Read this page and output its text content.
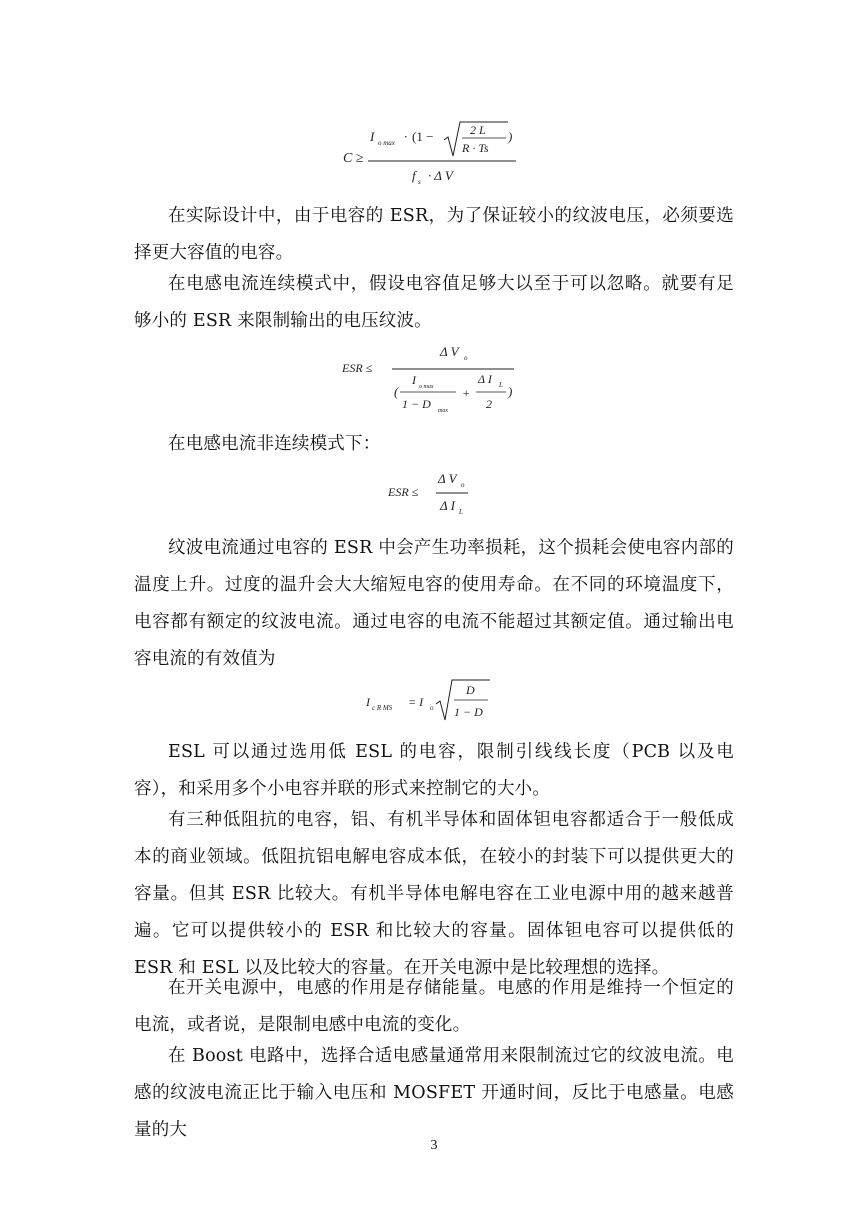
C ≥
I o max · (1 −	2 L
R · Ts
)
f s · Δ V

在实际设计中，由于电容的 ESR，为了保证较小的纹波电压，必须要选择更大容值的电容。

在电感电流连续模式中，假设电容值足够大以至于可以忽略。就要有足够小的 ESR 来限制输出的电压纹波。

ESR ≤
Δ V o
(
I o max
1 − D max
+
Δ I L
2
)

在电感电流非连续模式下：

ESR ≤
Δ V o
Δ I L

纹波电流通过电容的 ESR 中会产生功率损耗，这个损耗会使电容内部的温度上升。过度的温升会大大缩短电容的使用寿命。在不同的环境温度下，电容都有额定的纹波电流。通过电容的电流不能超过其额定值。通过输出电容电流的有效值为

I c R MS = I o
D
1 − D

ESL 可以通过选用低 ESL 的电容，限制引线线长度（PCB 以及电容），和采用多个小电容并联的形式来控制它的大小。

有三种低阻抗的电容，铝、有机半导体和固体钽电容都适合于一般低成本的商业领域。低阻抗铝电解电容成本低，在较小的封装下可以提供更大的容量。但其 ESR 比较大。有机半导体电解电容在工业电源中用的越来越普遍。它可以提供较小的 ESR 和比较大的容量。固体钽电容可以提供低的 ESR 和 ESL 以及比较大的容量。在开关电源中是比较理想的选择。

在开关电源中，电感的作用是存储能量。电感的作用是维持一个恒定的电流，或者说，是限制电感中电流的变化。

在 Boost 电路中，选择合适电感量通常用来限制流过它的纹波电流。电感的纹波电流正比于输入电压和 MOSFET 开通时间，反比于电感量。电感量的大

3
